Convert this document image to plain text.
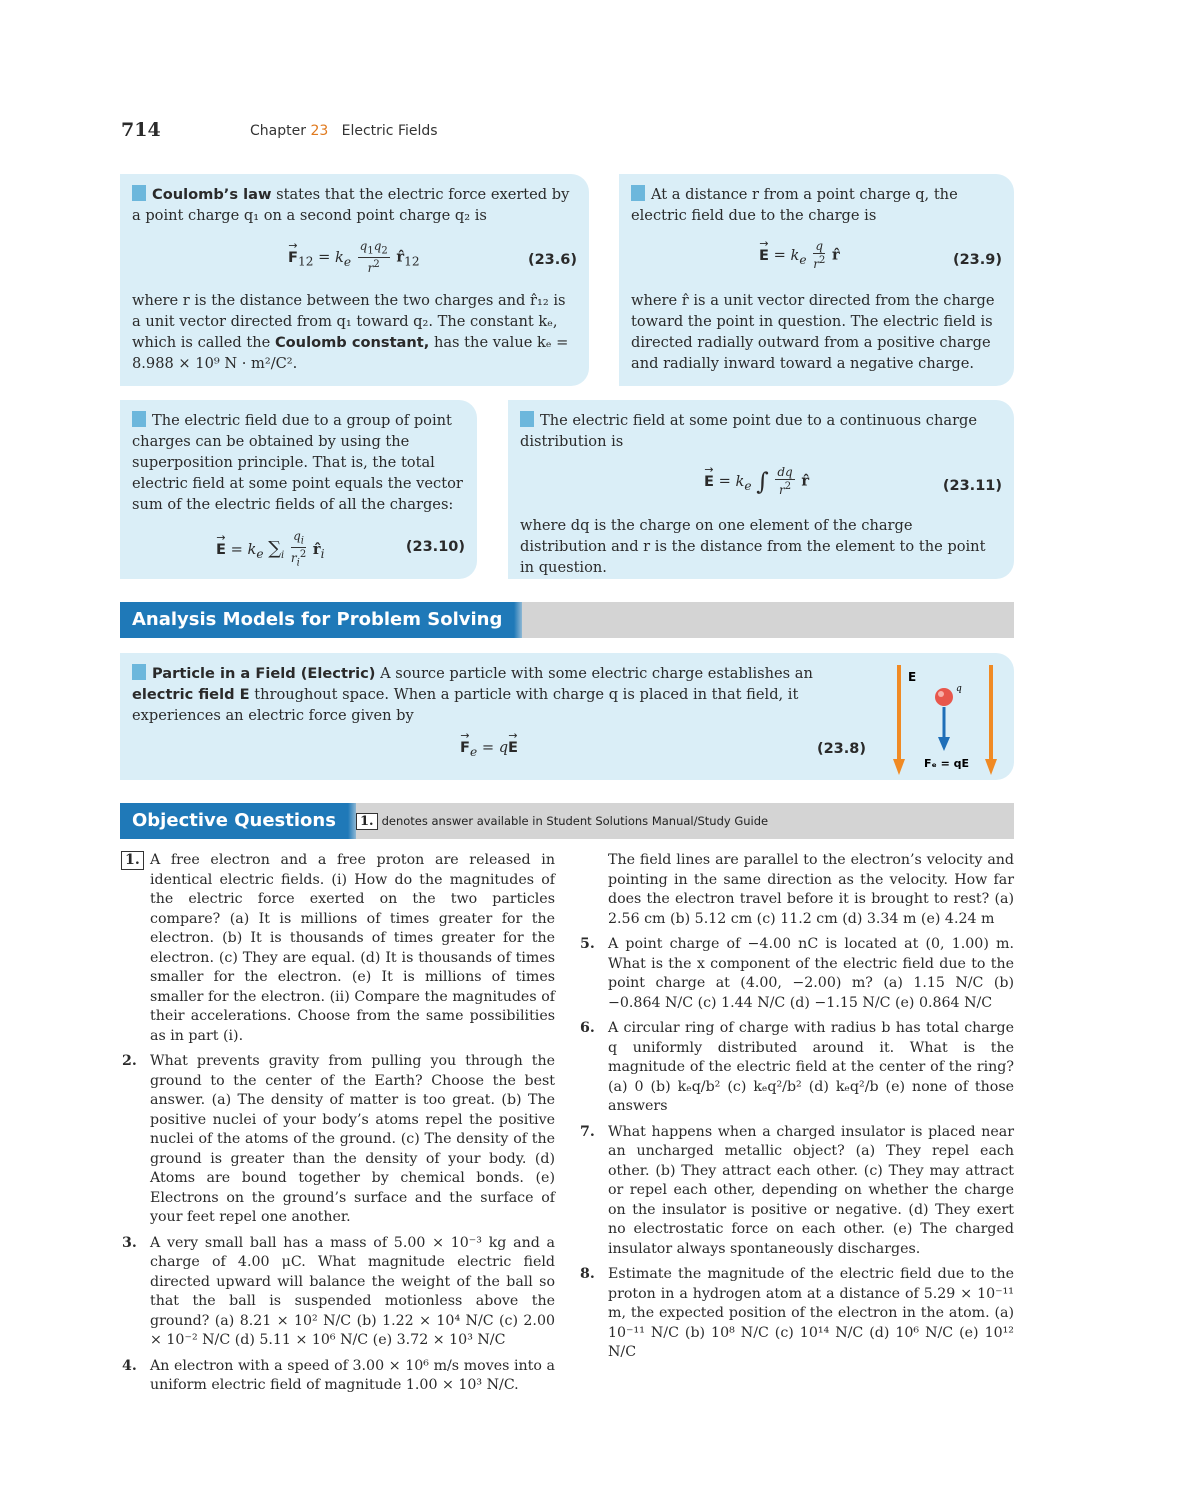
714	Chapter 23 Electric Fields
Coulomb’s law states that the electric force exerted by a point charge q₁ on a second point charge q₂ is
→ $F_{12} = k_e \frac{q_1q_2}{r^2}$ $r̂_{12}$	(23.6)
where r is the distance between the two charges and r̂₁₂ is a unit vector directed from q₁ toward q₂. The constant kₑ, which is called the Coulomb constant, has the value kₑ = 8.988 × 10⁹ N · m²/C².
At a distance r from a point charge q, the electric field due to the charge is
→ $E = k_e \frac{q}{r^2}$ r̂	(23.9)
where r̂ is a unit vector directed from the charge toward the point in question. The electric field is directed radially outward from a positive charge and radially inward toward a negative charge.
The electric field due to a group of point charges can be obtained by using the superposition principle. That is, the total electric field at some point equals the vector sum of the electric fields of all the charges:
→ $E = k_e$ $\sum_i \frac{q_i}{r_i^2}$ $r̂_i$	(23.10)
The electric field at some point due to a continuous charge distribution is
→ $E = k_e$ ∫ $\frac{dq}{r^2}$ r̂	(23.11)
where dq is the charge on one element of the charge distribution and r is the distance from the element to the point in question.
Analysis Models for Problem Solving
Particle in a Field (Electric) A source particle with some electric charge establishes an electric field E throughout space. When a particle with charge q is placed in that field, it experiences an electric force given by
→ $F_e = q\to E$	(23.8)
E
q
Fₑ = qE
Objective Questions	1. denotes answer available in Student Solutions Manual/Study Guide
1. A free electron and a free proton are released in identical electric fields. (i) How do the magnitudes of the electric force exerted on the two particles compare? (a) It is millions of times greater for the electron. (b) It is thousands of times greater for the electron. (c) They are equal. (d) It is thousands of times smaller for the electron. (e) It is millions of times smaller for the electron. (ii) Compare the magnitudes of their accelerations. Choose from the same possibilities as in part (i).
2. What prevents gravity from pulling you through the ground to the center of the Earth? Choose the best answer. (a) The density of matter is too great. (b) The positive nuclei of your body’s atoms repel the positive nuclei of the atoms of the ground. (c) The density of the ground is greater than the density of your body. (d) Atoms are bound together by chemical bonds. (e) Electrons on the ground’s surface and the surface of your feet repel one another.
3. A very small ball has a mass of 5.00 × 10⁻³ kg and a charge of 4.00 μC. What magnitude electric field directed upward will balance the weight of the ball so that the ball is suspended motionless above the ground? (a) 8.21 × 10² N/C (b) 1.22 × 10⁴ N/C (c) 2.00 × 10⁻² N/C (d) 5.11 × 10⁶ N/C (e) 3.72 × 10³ N/C
4. An electron with a speed of 3.00 × 10⁶ m/s moves into a uniform electric field of magnitude 1.00 × 10³ N/C.
The field lines are parallel to the electron’s velocity and pointing in the same direction as the velocity. How far does the electron travel before it is brought to rest? (a) 2.56 cm (b) 5.12 cm (c) 11.2 cm (d) 3.34 m (e) 4.24 m
5. A point charge of −4.00 nC is located at (0, 1.00) m. What is the x component of the electric field due to the point charge at (4.00, −2.00) m? (a) 1.15 N/C (b) −0.864 N/C (c) 1.44 N/C (d) −1.15 N/C (e) 0.864 N/C
6. A circular ring of charge with radius b has total charge q uniformly distributed around it. What is the magnitude of the electric field at the center of the ring? (a) 0 (b) kₑq/b² (c) kₑq²/b² (d) kₑq²/b (e) none of those answers
7. What happens when a charged insulator is placed near an uncharged metallic object? (a) They repel each other. (b) They attract each other. (c) They may attract or repel each other, depending on whether the charge on the insulator is positive or negative. (d) They exert no electrostatic force on each other. (e) The charged insulator always spontaneously discharges.
8. Estimate the magnitude of the electric field due to the proton in a hydrogen atom at a distance of 5.29 × 10⁻¹¹ m, the expected position of the electron in the atom. (a) 10⁻¹¹ N/C (b) 10⁸ N/C (c) 10¹⁴ N/C (d) 10⁶ N/C (e) 10¹² N/C
